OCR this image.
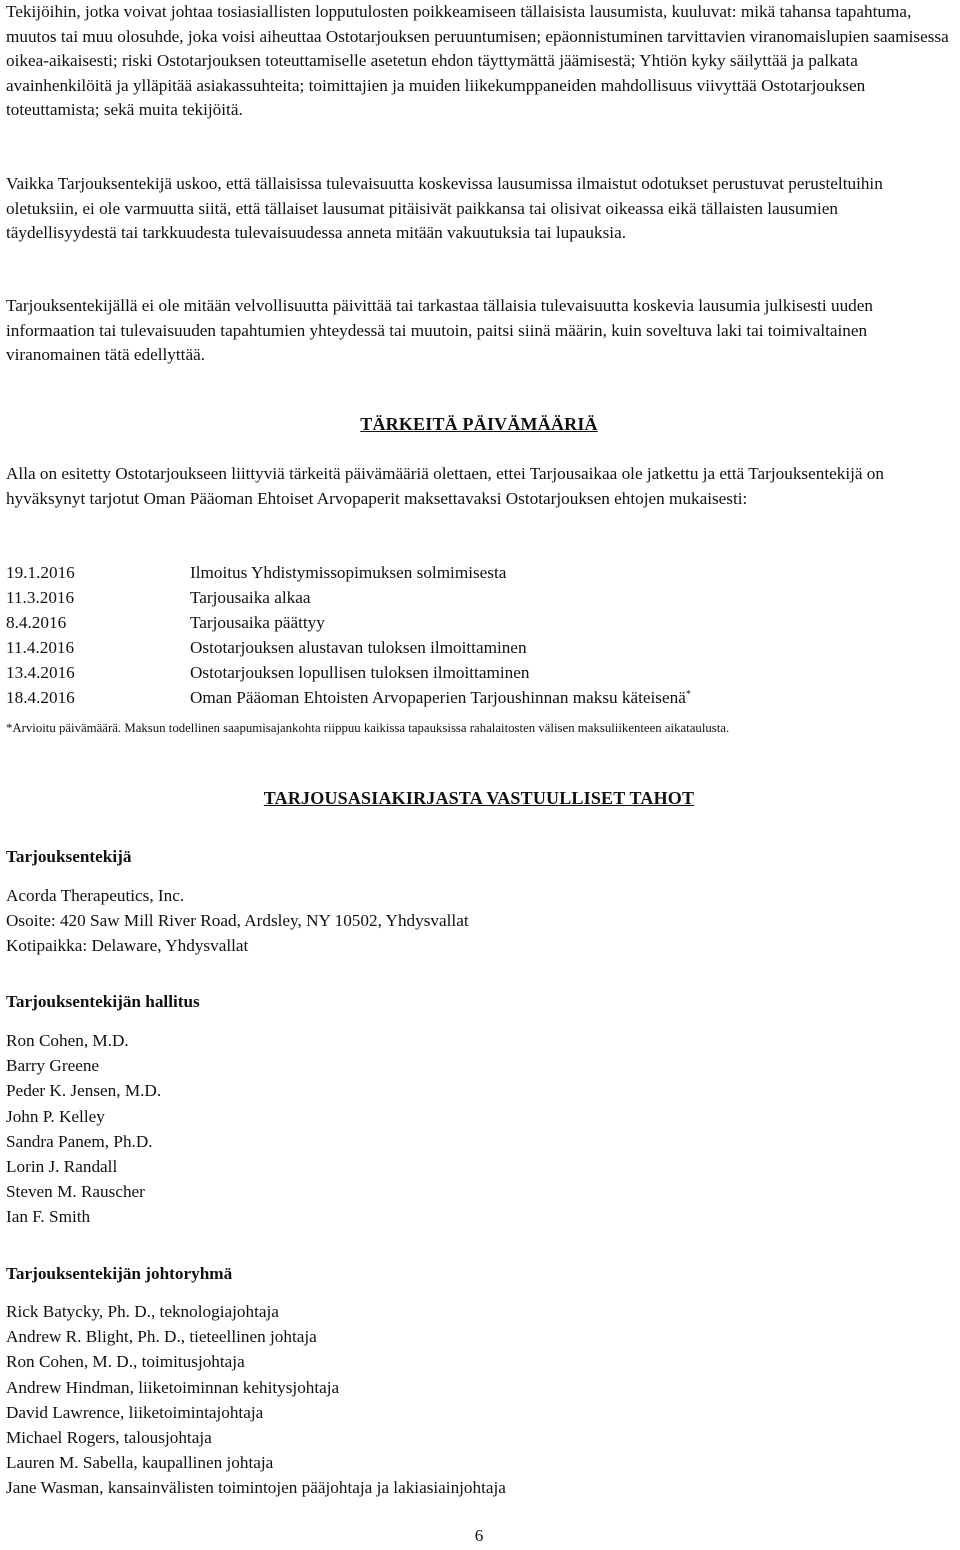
Tekijöihin, jotka voivat johtaa tosiasiallisten lopputulosten poikkeamiseen tällaisista lausumista, kuuluvat: mikä tahansa tapahtuma, muutos tai muu olosuhde, joka voisi aiheuttaa Ostotarjouksen peruuntumisen; epäonnistuminen tarvittavien viranomaislupien saamisessa oikea-aikaisesti; riski Ostotarjouksen toteuttamiselle asetetun ehdon täyttymättä jäämisestä; Yhtiön kyky säilyttää ja palkata avainhenkilöitä ja ylläpitää asiakassuhteita; toimittajien ja muiden liikekumppaneiden mahdollisuus viivyttää Ostotarjouksen toteuttamista; sekä muita tekijöitä.

Vaikka Tarjouksentekijä uskoo, että tällaisissa tulevaisuutta koskevissa lausumissa ilmaistut odotukset perustuvat perusteltuihin oletuksiin, ei ole varmuutta siitä, että tällaiset lausumat pitäisivät paikkansa tai olisivat oikeassa eikä tällaisten lausumien täydellisyydestä tai tarkkuudesta tulevaisuudessa anneta mitään vakuutuksia tai lupauksia.

Tarjouksentekijällä ei ole mitään velvollisuutta päivittää tai tarkastaa tällaisia tulevaisuutta koskevia lausumia julkisesti uuden informaation tai tulevaisuuden tapahtumien yhteydessä tai muutoin, paitsi siinä määrin, kuin soveltuva laki tai toimivaltainen viranomainen tätä edellyttää.

TÄRKEITÄ PÄIVÄMÄÄRIÄ

Alla on esitetty Ostotarjoukseen liittyviä tärkeitä päivämääriä olettaen, ettei Tarjousaikaa ole jatkettu ja että Tarjouksentekijä on hyväksynyt tarjotut Oman Pääoman Ehtoiset Arvopaperit maksettavaksi Ostotarjouksen ehtojen mukaisesti:

19.1.2016	Ilmoitus Yhdistymissopimuksen solmimisesta
11.3.2016	Tarjousaika alkaa
8.4.2016	Tarjousaika päättyy
11.4.2016	Ostotarjouksen alustavan tuloksen ilmoittaminen
13.4.2016	Ostotarjouksen lopullisen tuloksen ilmoittaminen
18.4.2016	Oman Pääoman Ehtoisten Arvopaperien Tarjoushinnan maksu käteisenä*
*Arvioitu päivämäärä. Maksun todellinen saapumisajankohta riippuu kaikissa tapauksissa rahalaitosten välisen maksuliikenteen aikataulusta.
TARJOUSASIAKIRJASTA VASTUULLISET TAHOT
Tarjouksentekijä
Acorda Therapeutics, Inc.
Osoite: 420 Saw Mill River Road, Ardsley, NY 10502, Yhdysvallat
Kotipaikka: Delaware, Yhdysvallat
Tarjouksentekijän hallitus
Ron Cohen, M.D.
Barry Greene
Peder K. Jensen, M.D.
John P. Kelley
Sandra Panem, Ph.D.
Lorin J. Randall
Steven M. Rauscher
Ian F. Smith
Tarjouksentekijän johtoryhmä
Rick Batycky, Ph. D., teknologiajohtaja
Andrew R. Blight, Ph. D., tieteellinen johtaja
Ron Cohen, M. D., toimitusjohtaja
Andrew Hindman, liiketoiminnan kehitysjohtaja
David Lawrence, liiketoimintajohtaja
Michael Rogers, talousjohtaja
Lauren M. Sabella, kaupallinen johtaja
Jane Wasman, kansainvälisten toimintojen pääjohtaja ja lakiasiainjohtaja
6
